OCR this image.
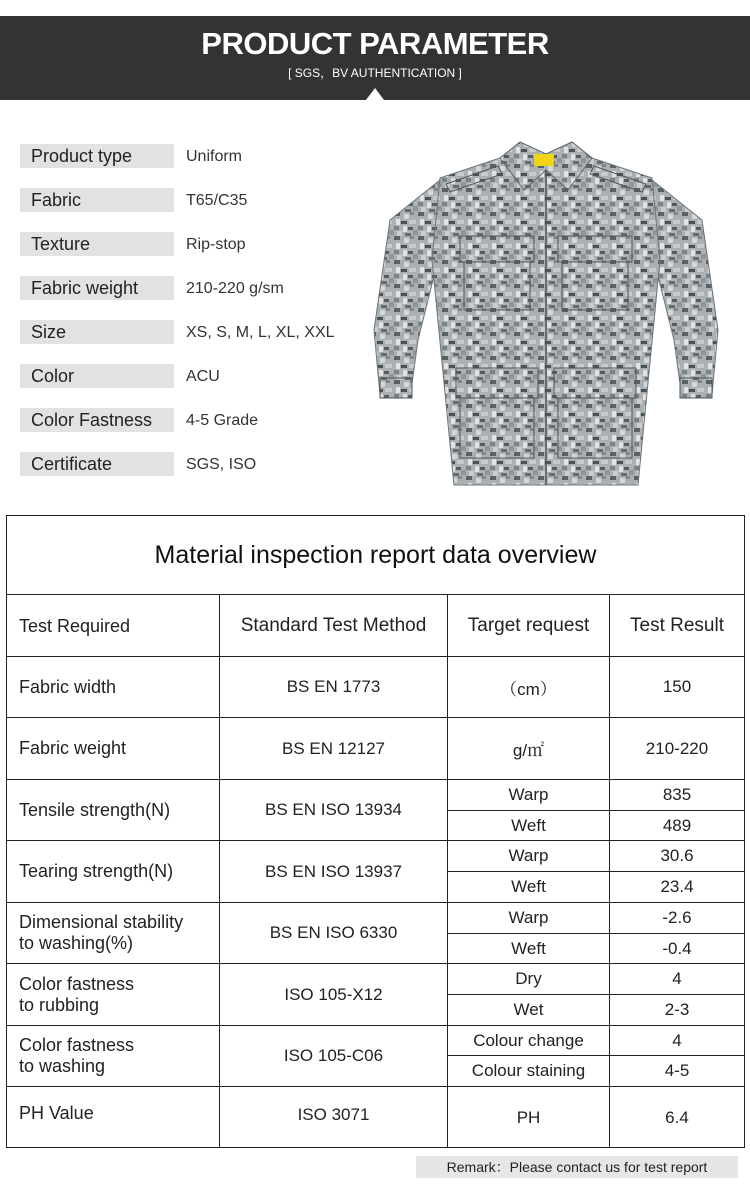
PRODUCT PARAMETER
[ SGS，BV AUTHENTICATION ]
Product type	Uniform
Fabric	T65/C35
Texture	Rip-stop
Fabric weight	210-220 g/sm
Size	XS, S, M, L, XL, XXL
Color	ACU
Color Fastness	4-5 Grade
Certificate	SGS, ISO
Material inspection report data overview
Test Required	Standard Test Method	Target request	Test Result
Fabric width	BS EN 1773	（cm）	150
Fabric weight	BS EN 12127	g/㎡	210-220
Tensile strength(N)	BS EN ISO 13934
Warp	835
Weft	489
Tearing strength(N)	BS EN ISO 13937
Warp	30.6
Weft	23.4
Dimensional stability
to washing(%)
BS EN ISO 6330
Warp	-2.6
Weft	-0.4
Color fastness
to rubbing
ISO 105-X12
Dry	4
Wet	2-3
Color fastness
to washing
ISO 105-C06
Colour change	4
Colour staining	4-5
PH Value	ISO 3071	PH	6.4
Remark：Please contact us for test report
